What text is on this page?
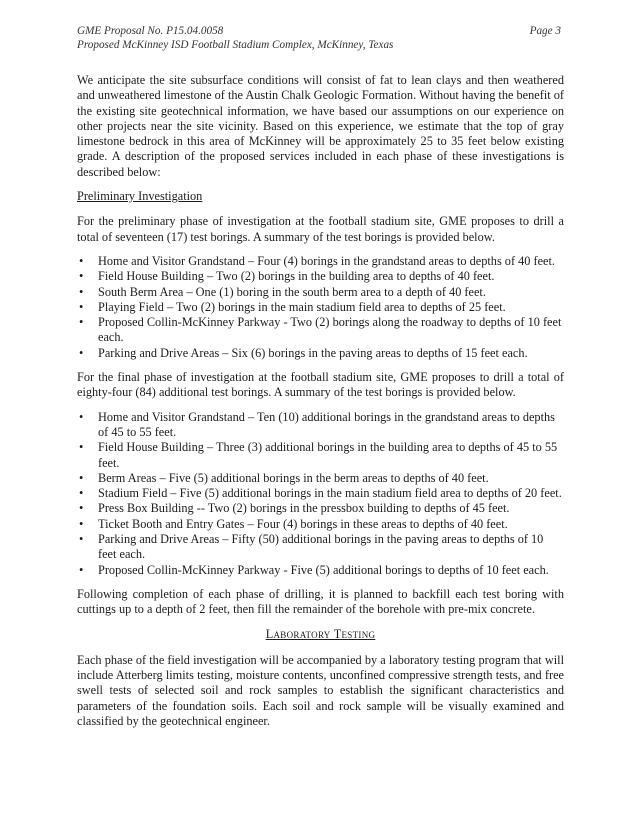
GME Proposal No. P15.04.0058
Proposed McKinney ISD Football Stadium Complex, McKinney, Texas
Page 3

We anticipate the site subsurface conditions will consist of fat to lean clays and then weathered and unweathered limestone of the Austin Chalk Geologic Formation. Without having the benefit of the existing site geotechnical information, we have based our assumptions on our experience on other projects near the site vicinity. Based on this experience, we estimate that the top of gray limestone bedrock in this area of McKinney will be approximately 25 to 35 feet below existing grade. A description of the proposed services included in each phase of these investigations is described below:

Preliminary Investigation

For the preliminary phase of investigation at the football stadium site, GME proposes to drill a total of seventeen (17) test borings. A summary of the test borings is provided below.

• Home and Visitor Grandstand – Four (4) borings in the grandstand areas to depths of 40 feet.
• Field House Building – Two (2) borings in the building area to depths of 40 feet.
• South Berm Area – One (1) boring in the south berm area to a depth of 40 feet.
• Playing Field – Two (2) borings in the main stadium field area to depths of 25 feet.
• Proposed Collin-McKinney Parkway - Two (2) borings along the roadway to depths of 10 feet each.
• Parking and Drive Areas – Six (6) borings in the paving areas to depths of 15 feet each.

For the final phase of investigation at the football stadium site, GME proposes to drill a total of eighty-four (84) additional test borings. A summary of the test borings is provided below.

• Home and Visitor Grandstand – Ten (10) additional borings in the grandstand areas to depths of 45 to 55 feet.
• Field House Building – Three (3) additional borings in the building area to depths of 45 to 55 feet.
• Berm Areas – Five (5) additional borings in the berm areas to depths of 40 feet.
• Stadium Field – Five (5) additional borings in the main stadium field area to depths of 20 feet.
• Press Box Building -- Two (2) borings in the pressbox building to depths of 45 feet.
• Ticket Booth and Entry Gates – Four (4) borings in these areas to depths of 40 feet.
• Parking and Drive Areas – Fifty (50) additional borings in the paving areas to depths of 10 feet each.
• Proposed Collin-McKinney Parkway - Five (5) additional borings to depths of 10 feet each.

Following completion of each phase of drilling, it is planned to backfill each test boring with cuttings up to a depth of 2 feet, then fill the remainder of the borehole with pre-mix concrete.

Laboratory Testing

Each phase of the field investigation will be accompanied by a laboratory testing program that will include Atterberg limits testing, moisture contents, unconfined compressive strength tests, and free swell tests of selected soil and rock samples to establish the significant characteristics and parameters of the foundation soils. Each soil and rock sample will be visually examined and classified by the geotechnical engineer.
